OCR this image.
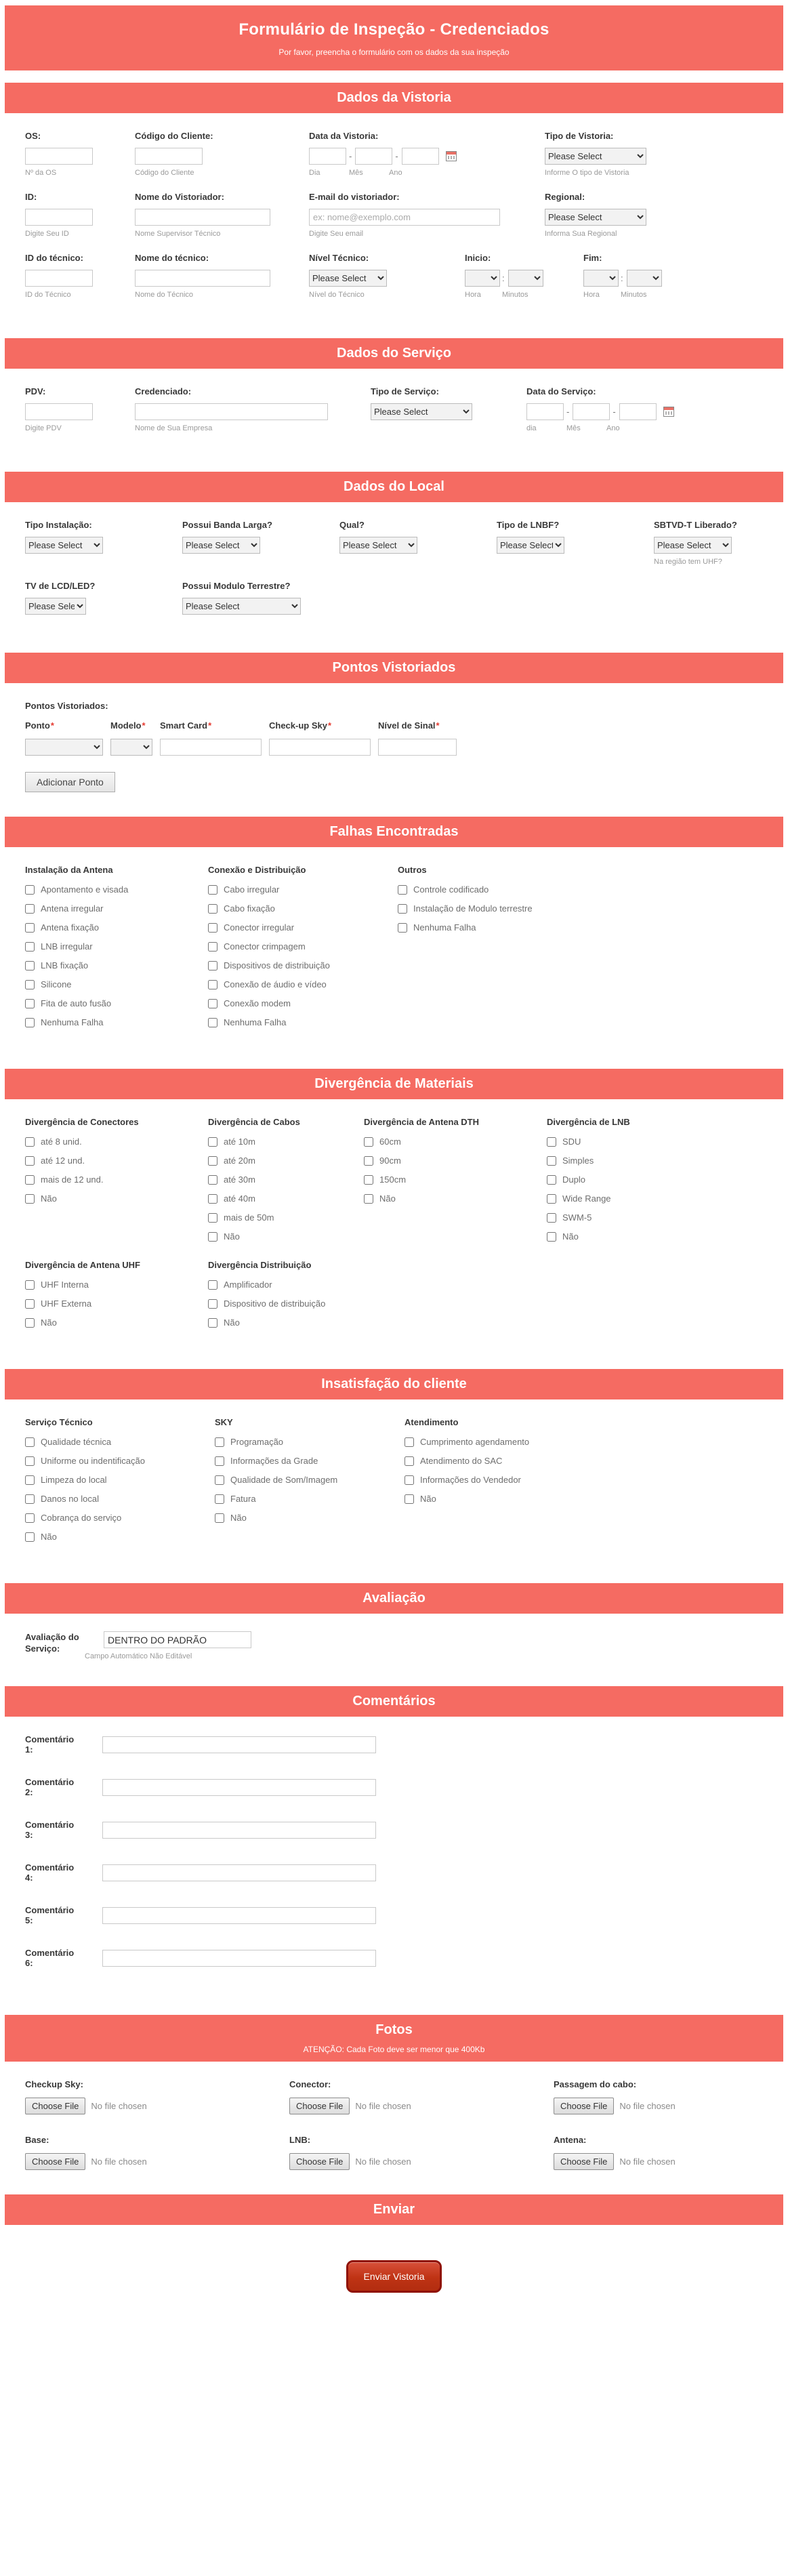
Formulário de Inspeção - Credenciados
Por favor, preencha o formulário com os dados da sua inspeção
Dados da Vistoria
OS:
Nº da OS
Código do Cliente:
Código do Cliente
Data da Vistoria:
-	-
Dia	Mês	Ano
Tipo de Vistoria:
Please Select
Informe O tipo de Vistoria
ID:
Digite Seu ID
Nome do Vistoriador:
Nome Supervisor Técnico
E-mail do vistoriador:
ex: nome@exemplo.com
Digite Seu email
Regional:
Please Select
Informa Sua Regional
ID do técnico:
ID do Técnico
Nome do técnico:
Nome do Técnico
Nível Técnico:
Please Select
Nível do Técnico
Inicio:
:
Hora	Minutos
Fim:
:
Hora	Minutos
Dados do Serviço
PDV:
Digite PDV
Credenciado:
Nome de Sua Empresa
Tipo de Serviço:
Please Select	Data do Serviço:
-	-
dia	Mês	Ano
Dados do Local
Tipo Instalação:
Please Select	Possui Banda Larga?
Please Select	Qual?
Please Select	Tipo de LNBF?
Please Select	SBTVD-T Liberado?
Please Select
Na região tem UHF?
TV de LCD/LED?
Please Select	Possui Modulo Terrestre?
Please Select
Pontos Vistoriados
Pontos Vistoriados:
Ponto*	Modelo*	Smart Card*	Check-up Sky*	Nível de Sinal*
Adicionar Ponto
Falhas Encontradas
Instalação da Antena
Apontamento e visada
Antena irregular
Antena fixação
LNB irregular
LNB fixação
Silicone
Fita de auto fusão
Nenhuma Falha
Conexão e Distribuição
Cabo irregular
Cabo fixação
Conector irregular
Conector crimpagem
Dispositivos de distribuição
Conexão de áudio e vídeo
Conexão modem
Nenhuma Falha
Outros
Controle codificado
Instalação de Modulo terrestre
Nenhuma Falha
Divergência de Materiais
Divergência de Conectores
até 8 unid.
até 12 und.
mais de 12 und.
Não
Divergência de Cabos
até 10m
até 20m
até 30m
até 40m
mais de 50m
Não
Divergência de Antena DTH
60cm
90cm
150cm
Não
Divergência de LNB
SDU
Simples
Duplo
Wide Range
SWM-5
Não
Divergência de Antena UHF
UHF Interna
UHF Externa
Não
Divergência Distribuição
Amplificador
Dispositivo de distribuição
Não
Insatisfação do cliente
Serviço Técnico
Qualidade técnica
Uniforme ou indentificação
Limpeza do local
Danos no local
Cobrança do serviço
Não
SKY
Programação
Informações da Grade
Qualidade de Som/Imagem
Fatura
Não
Atendimento
Cumprimento agendamento
Atendimento do SAC
Informações do Vendedor
Não
Avaliação
Avaliação do Serviço:
DENTRO DO PADRÃO
Campo Automático Não Editável
Comentários
Comentário 1:
Comentário 2:
Comentário 3:
Comentário 4:
Comentário 5:
Comentário 6:
Fotos
ATENÇÃO: Cada Foto deve ser menor que 400Kb
Checkup Sky:
Choose File	No file chosen
Conector:
Choose File	No file chosen
Passagem do cabo:
Choose File	No file chosen
Base:
Choose File	No file chosen
LNB:
Choose File	No file chosen
Antena:
Choose File	No file chosen
Enviar
Enviar Vistoria
